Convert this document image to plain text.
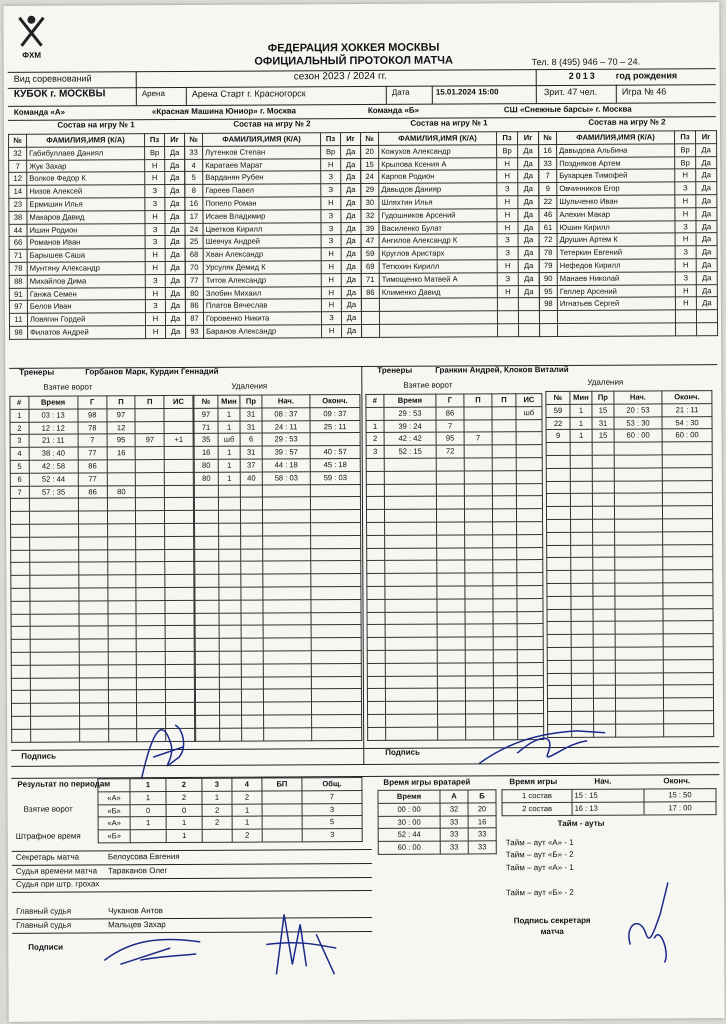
ФХМ
ФЕДЕРАЦИЯ ХОККЕЯ МОСКВЫ
ОФИЦИАЛЬНЫЙ ПРОТОКОЛ МАТЧА	Тел. 8 (495) 946 – 70 – 24.
Вид соревнований	сезон 2023 / 2024 гг.	2013 год рождения
КУБОК г. МОСКВЫ	Арена	Арена Старт г. Красногорск	Дата	15.01.2024 15:00	Зрит. 47 чел.	Игра № 46
Команда «А»	«Красная Машина Юниор» г. Москва	Команда «Б»	СШ «Снежные барсы» г. Москва
Состав на игру № 1	Состав на игру № 2	Состав на игру № 1	Состав на игру № 2
№	ФАМИЛИЯ,ИМЯ (К/А)	Пз	Иг
32	Габибуллаев Даниял	Вр	Да
7	Жук Захар	Н	Да
12	Волков Федор К	Н	Да
14	Низов Алексей	З	Да
23	Ермишин Илья	З	Да
38	Макаров Давид	Н	Да
44	Ишин Родион	З	Да
66	Романов Иван	З	Да
71	Барышев Саша	Н	Да
78	Мунтяну Александр	Н	Да
88	Михайлов Дима	З	Да
91	Ганжа Семен	Н	Да
97	Белов Иван	З	Да
11	Ловягин Гордей	Н	Да
98	Филатов Андрей	Н	Да
№	ФАМИЛИЯ,ИМЯ (К/А)	Пз	Иг
33	Лутенков Степан	Вр	Да
4	Каратаев Марат	Н	Да
5	Варданян Рубен	З	Да
8	Гареев Павел	З	Да
16	Попело Роман	Н	Да
17	Исаев Владимир	З	Да
24	Цветков Кирилл	З	Да
25	Шевчук Андрей	З	Да
68	Хван Александр	Н	Да
70	Урсуляк Демид К	Н	Да
77	Титов Александр	Н	Да
80	Злобин Михаил	Н	Да
86	Платов Вячеслав	Н	Да
87	Горовенко Никита	З	Да
93	Баранов Александр	Н	Да
№	ФАМИЛИЯ,ИМЯ (К/А)	Пз	Иг
20	Кожухов Александр	Вр	Да
15	Крылова Ксения А	Н	Да
24	Карпов Родион	Н	Да
29	Давыдов Данияр	З	Да
30	Шляхтин Илья	Н	Да
32	Гудошников Арсений	Н	Да
39	Василенко Булат	Н	Да
47	Ангилов Александр К	З	Да
59	Круглов Аристарх	З	Да
69	Тетюхин Кирилл	Н	Да
71	Тимощенко Матвей А	З	Да
86	Клименко Давид	Н	Да

№	ФАМИЛИЯ,ИМЯ (К/А)	Пз	Иг
16	Давыдова Альбина	Вр	Да
33	Поздняков Артем	Вр	Да
7	Бухарцев Тимофей	Н	Да
9	Овчинников Егор	З	Да
22	Шульченко Иван	Н	Да
46	Алехин Макар	Н	Да
61	Юшин Кирилл	З	Да
72	Друшин Артем К	Н	Да
78	Тетеркин Евгений	З	Да
79	Нефедов Кирилл	Н	Да
90	Манаев Николай	З	Да
95	Геллер Арсений	Н	Да
98	Игнатьев Сергей	Н	Да

Тренеры	Горбанов Марк, Курдин Геннадий	Тренеры	Гранкин Андрей, Клоков Виталий
Взятие ворот	Удаления	Взятие ворот	Удаления
#	Время	Г	П	П	ИС
1	03 : 13	98	97		
2	12 : 12	78	12		
3	21 : 11	7	95	97	+1
4	38 : 40	77	16		
5	42 : 58	86			
6	52 : 44	77			
7	57 : 35	86	80		

№	Мин	Пр	Нач.	Оконч.
97	1	31	08 : 37	09 : 37
71	1	31	24 : 11	25 : 11
35	шб	6	29 : 53	
16	1	31	39 : 57	40 : 57
80	1	37	44 : 18	45 : 18
80	1	40	58 : 03	59 : 03

#	Время	Г	П	П	ИС
	29 : 53	86			шб
1	39 : 24	7			
2	42 : 42	95	7		
3	52 : 15	72			

№	Мин	Пр	Нач.	Оконч.
59	1	15	20 : 53	21 : 11
22	1	31	53 : 30	54 : 30
9	1	15	60 : 00	60 : 00

Подпись	Подпись
Результат по периодам
		1	2	3	4	БП	Общ.
«А»	1	2	1	2		7
«Б»	0	0	2	1		3
«А»	1	1	2	1		5
«Б»		1		2		3
Взятие ворот
Штрафное время
Время игры вратарей
Время	А	Б
00 : 00	32	20
30 : 00	33	16
52 : 44	33	33
60 : 00	33	33
Время игры	Нач.	Оконч.
1 состав	15 : 15	15 : 50
2 состав	16 : 13	17 : 00
Тайм - ауты
Тайм – аут «А» - 1
Тайм – аут «Б» - 2
Тайм – аут «А» - 1
Тайм – аут «Б» - 2
Секретарь матча	Белоусова Евгения
Судья времени матча Тараканов Олег
Судья при штр. грохах
Главный судья	Чуканов Антов
Главный судья	Мальцев Захар
Подписи
Подпись секретаря матча
